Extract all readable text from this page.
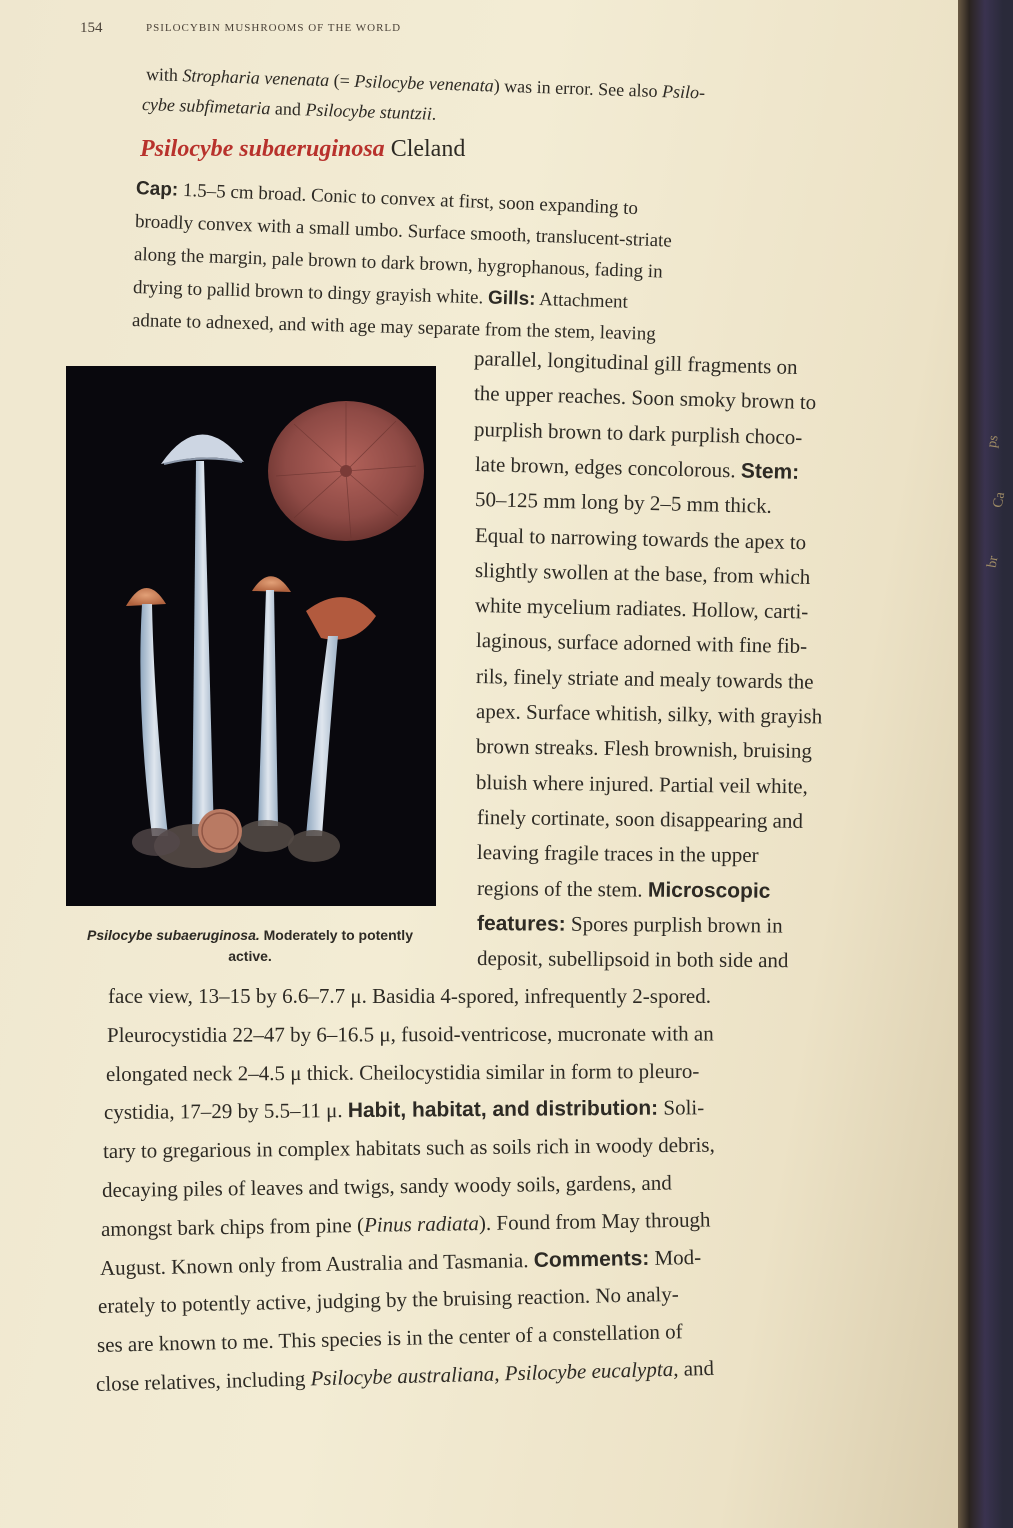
154	PSILOCYBIN MUSHROOMS OF THE WORLD
with Stropharia venenata (= Psilocybe venenata) was in error. See also Psilo-
cybe subfimetaria and Psilocybe stuntzii.
Psilocybe subaeruginosa Cleland
Cap: 1.5–5 cm broad. Conic to convex at first, soon expanding to
broadly convex with a small umbo. Surface smooth, translucent-striate
along the margin, pale brown to dark brown, hygrophanous, fading in
drying to pallid brown to dingy grayish white. Gills: Attachment
adnate to adnexed, and with age may separate from the stem, leaving
parallel, longitudinal gill fragments on
the upper reaches. Soon smoky brown to
purplish brown to dark purplish choco-
late brown, edges concolorous. Stem:
50–125 mm long by 2–5 mm thick.
Equal to narrowing towards the apex to
slightly swollen at the base, from which
white mycelium radiates. Hollow, carti-
laginous, surface adorned with fine fib-
rils, finely striate and mealy towards the
apex. Surface whitish, silky, with grayish
brown streaks. Flesh brownish, bruising
bluish where injured. Partial veil white,
finely cortinate, soon disappearing and
leaving fragile traces in the upper
regions of the stem. Microscopic
features: Spores purplish brown in
deposit, subellipsoid in both side and
face view, 13–15 by 6.6–7.7 μ. Basidia 4-spored, infrequently 2-spored.
Pleurocystidia 22–47 by 6–16.5 μ, fusoid-ventricose, mucronate with an
elongated neck 2–4.5 μ thick. Cheilocystidia similar in form to pleuro-
cystidia, 17–29 by 5.5–11 μ. Habit, habitat, and distribution: Soli-
tary to gregarious in complex habitats such as soils rich in woody debris,
decaying piles of leaves and twigs, sandy woody soils, gardens, and
amongst bark chips from pine (Pinus radiata). Found from May through
August. Known only from Australia and Tasmania. Comments: Mod-
erately to potently active, judging by the bruising reaction. No analy-
ses are known to me. This species is in the center of a constellation of
close relatives, including Psilocybe australiana, Psilocybe eucalypta, and
Psilocybe subaeruginosa. Moderately to potently active.
ps
Ca
br
